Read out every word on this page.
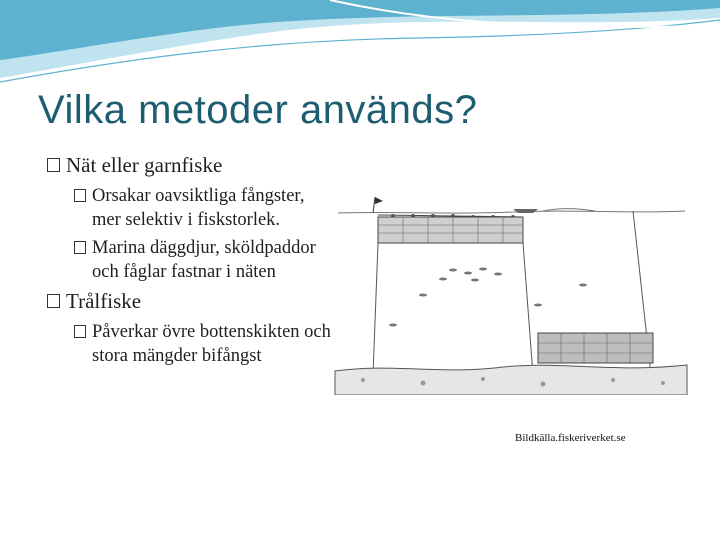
Vilka metoder används?
Nät eller garnfiske
Orsakar oavsiktliga fångster, mer selektiv i fiskstorlek.
Marina däggdjur, sköldpaddor och fåglar fastnar i näten
Trålfiske
Påverkar övre bottenskikten och stora mängder bifångst

Bildkälla.fiskeriverket.se
